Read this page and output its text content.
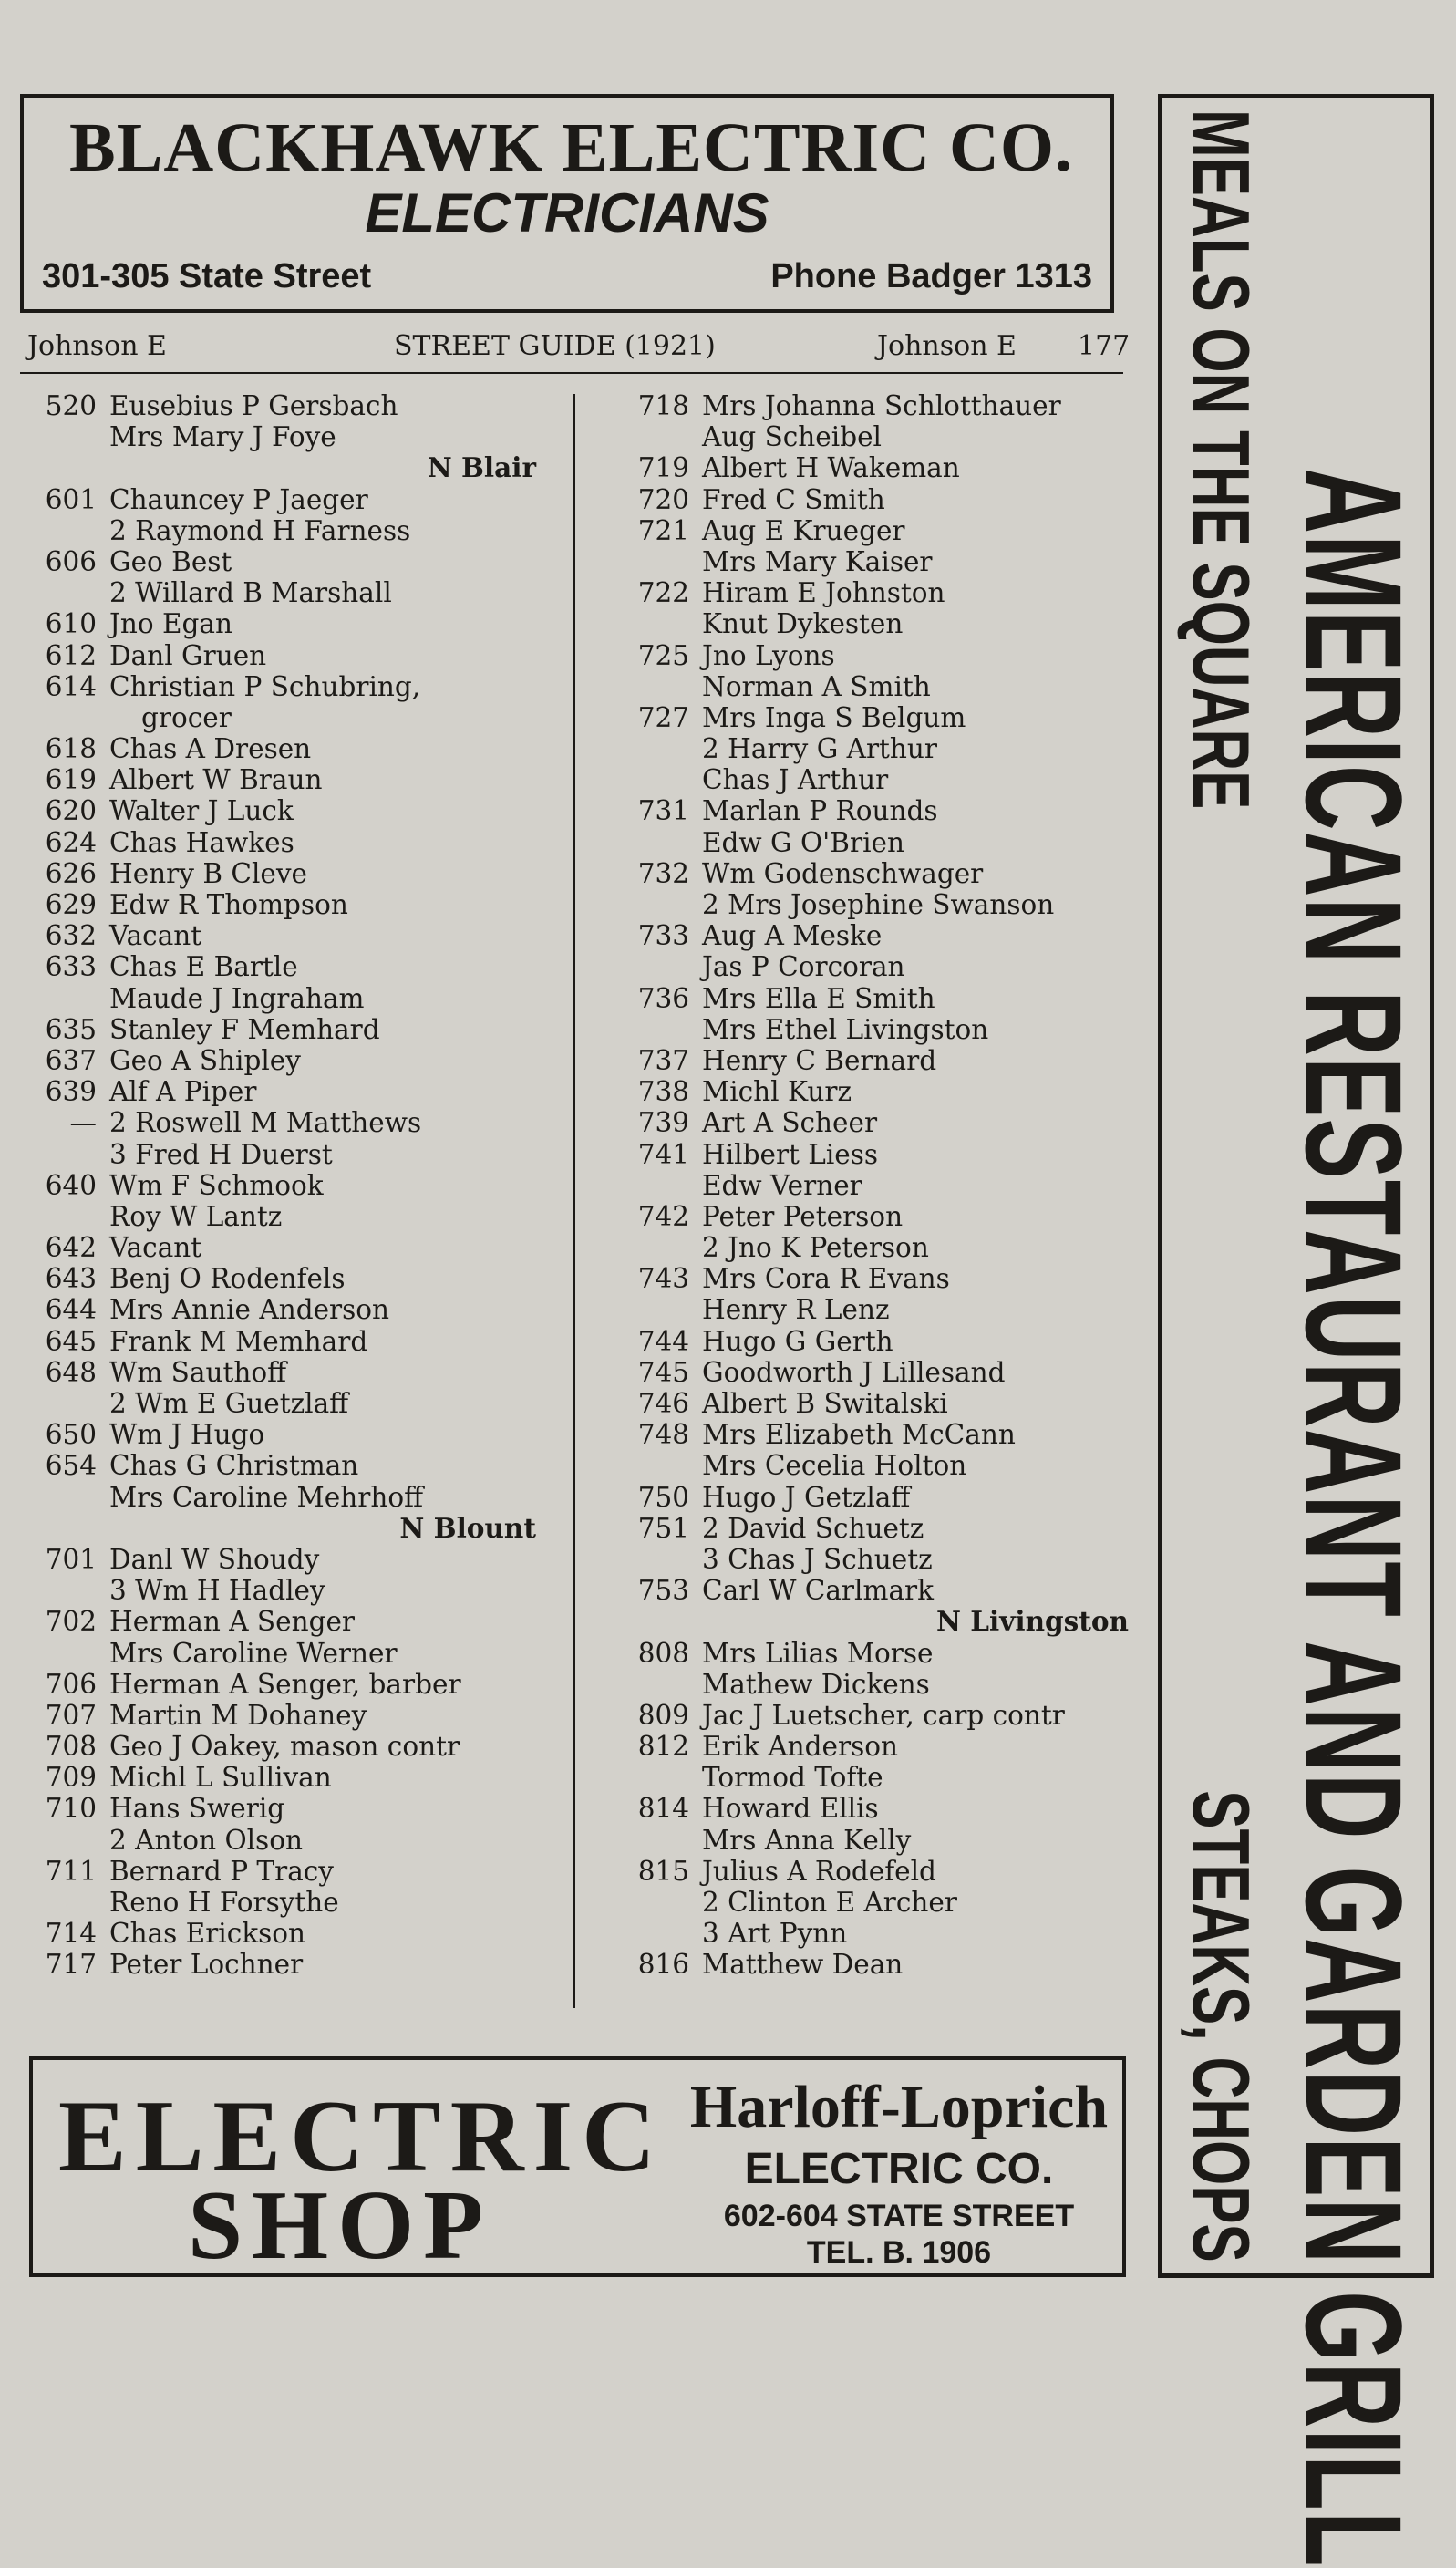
BLACKHAWK ELECTRIC CO.
ELECTRICIANS
301-305 State Street	Phone Badger 1313
Johnson E	STREET GUIDE (1921)	Johnson E 177
520 Eusebius P Gersbach
Mrs Mary J Foye
N Blair
601 Chauncey P Jaeger
2 Raymond H Farness
606 Geo Best
2 Willard B Marshall
610 Jno Egan
612 Danl Gruen
614 Christian P Schubring,
grocer
618 Chas A Dresen
619 Albert W Braun
620 Walter J Luck
624 Chas Hawkes
626 Henry B Cleve
629 Edw R Thompson
632 Vacant
633 Chas E Bartle
Maude J Ingraham
635 Stanley F Memhard
637 Geo A Shipley
639 Alf A Piper
— 2 Roswell M Matthews
3 Fred H Duerst
640 Wm F Schmook
Roy W Lantz
642 Vacant
643 Benj O Rodenfels
644 Mrs Annie Anderson
645 Frank M Memhard
648 Wm Sauthoff
2 Wm E Guetzlaff
650 Wm J Hugo
654 Chas G Christman
Mrs Caroline Mehrhoff
N Blount
701 Danl W Shoudy
3 Wm H Hadley
702 Herman A Senger
Mrs Caroline Werner
706 Herman A Senger, barber
707 Martin M Dohaney
708 Geo J Oakey, mason contr
709 Michl L Sullivan
710 Hans Swerig
2 Anton Olson
711 Bernard P Tracy
Reno H Forsythe
714 Chas Erickson
717 Peter Lochner
718 Mrs Johanna Schlotthauer
Aug Scheibel
719 Albert H Wakeman
720 Fred C Smith
721 Aug E Krueger
Mrs Mary Kaiser
722 Hiram E Johnston
Knut Dykesten
725 Jno Lyons
Norman A Smith
727 Mrs Inga S Belgum
2 Harry G Arthur
Chas J Arthur
731 Marlan P Rounds
Edw G O'Brien
732 Wm Godenschwager
2 Mrs Josephine Swanson
733 Aug A Meske
Jas P Corcoran
736 Mrs Ella E Smith
Mrs Ethel Livingston
737 Henry C Bernard
738 Michl Kurz
739 Art A Scheer
741 Hilbert Liess
Edw Verner
742 Peter Peterson
2 Jno K Peterson
743 Mrs Cora R Evans
Henry R Lenz
744 Hugo G Gerth
745 Goodworth J Lillesand
746 Albert B Switalski
748 Mrs Elizabeth McCann
Mrs Cecelia Holton
750 Hugo J Getzlaff
751 2 David Schuetz
3 Chas J Schuetz
753 Carl W Carlmark
N Livingston
808 Mrs Lilias Morse
Mathew Dickens
809 Jac J Luetscher, carp contr
812 Erik Anderson
Tormod Tofte
814 Howard Ellis
Mrs Anna Kelly
815 Julius A Rodefeld
2 Clinton E Archer
3 Art Pynn
816 Matthew Dean
ELECTRIC
SHOP
Harloff-Loprich
ELECTRIC CO.
602-604 STATE STREET
TEL. B. 1906	AMERICAN RESTAURANT AND GARDEN GRILL
MEALS ON THE SQUARE
STEAKS, CHOPS
